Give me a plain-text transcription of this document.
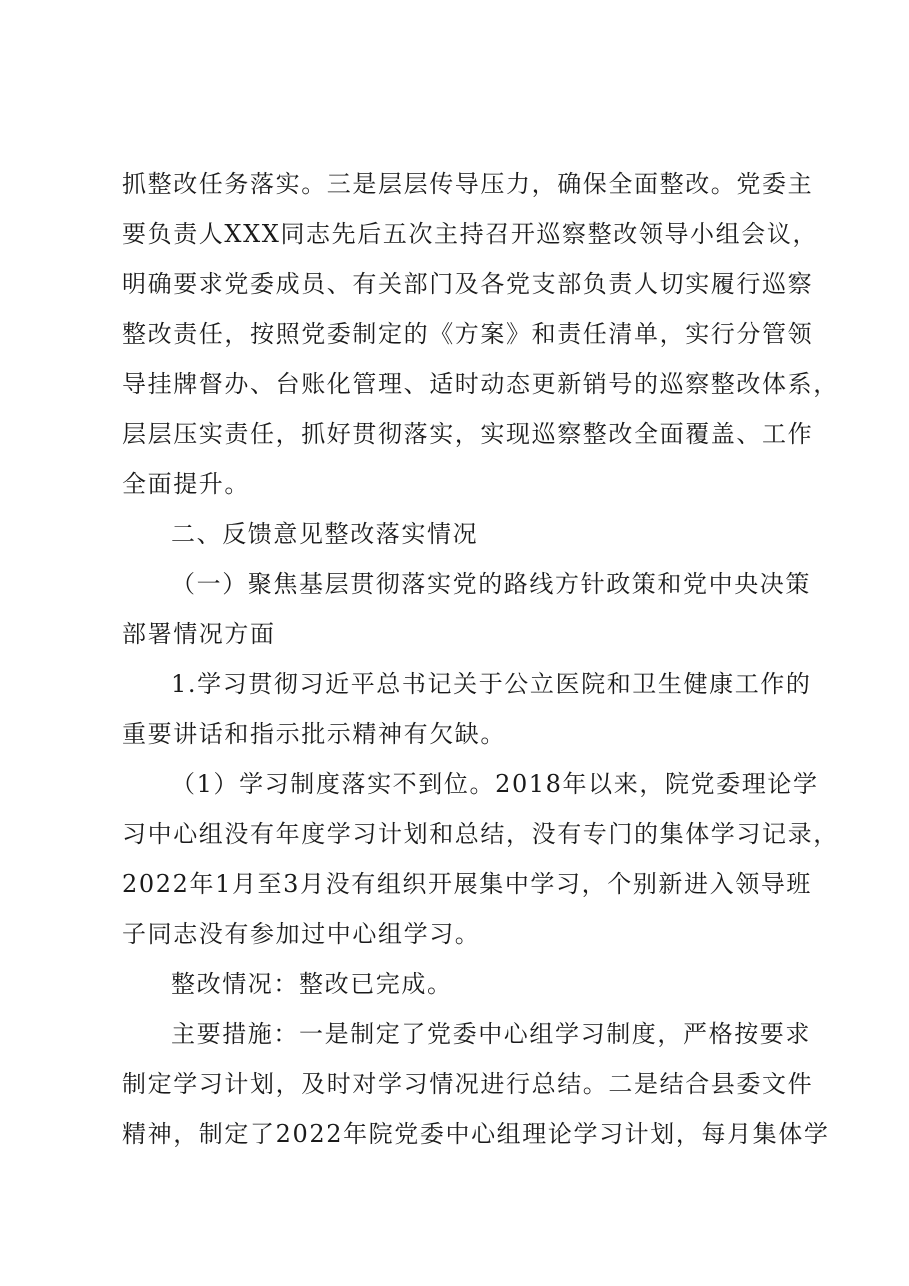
抓整改任务落实。三是层层传导压力，确保全面整改。党委主
要负责人XXX同志先后五次主持召开巡察整改领导小组会议，
明确要求党委成员、有关部门及各党支部负责人切实履行巡察
整改责任，按照党委制定的《方案》和责任清单，实行分管领
导挂牌督办、台账化管理、适时动态更新销号的巡察整改体系，
层层压实责任，抓好贯彻落实，实现巡察整改全面覆盖、工作
全面提升。
二、反馈意见整改落实情况
（一）聚焦基层贯彻落实党的路线方针政策和党中央决策
部署情况方面
1.学习贯彻习近平总书记关于公立医院和卫生健康工作的
重要讲话和指示批示精神有欠缺。
（1）学习制度落实不到位。2018年以来，院党委理论学
习中心组没有年度学习计划和总结，没有专门的集体学习记录，
2022年1月至3月没有组织开展集中学习，个别新进入领导班
子同志没有参加过中心组学习。
整改情况：整改已完成。
主要措施：一是制定了党委中心组学习制度，严格按要求
制定学习计划，及时对学习情况进行总结。二是结合县委文件
精神，制定了2022年院党委中心组理论学习计划，每月集体学
